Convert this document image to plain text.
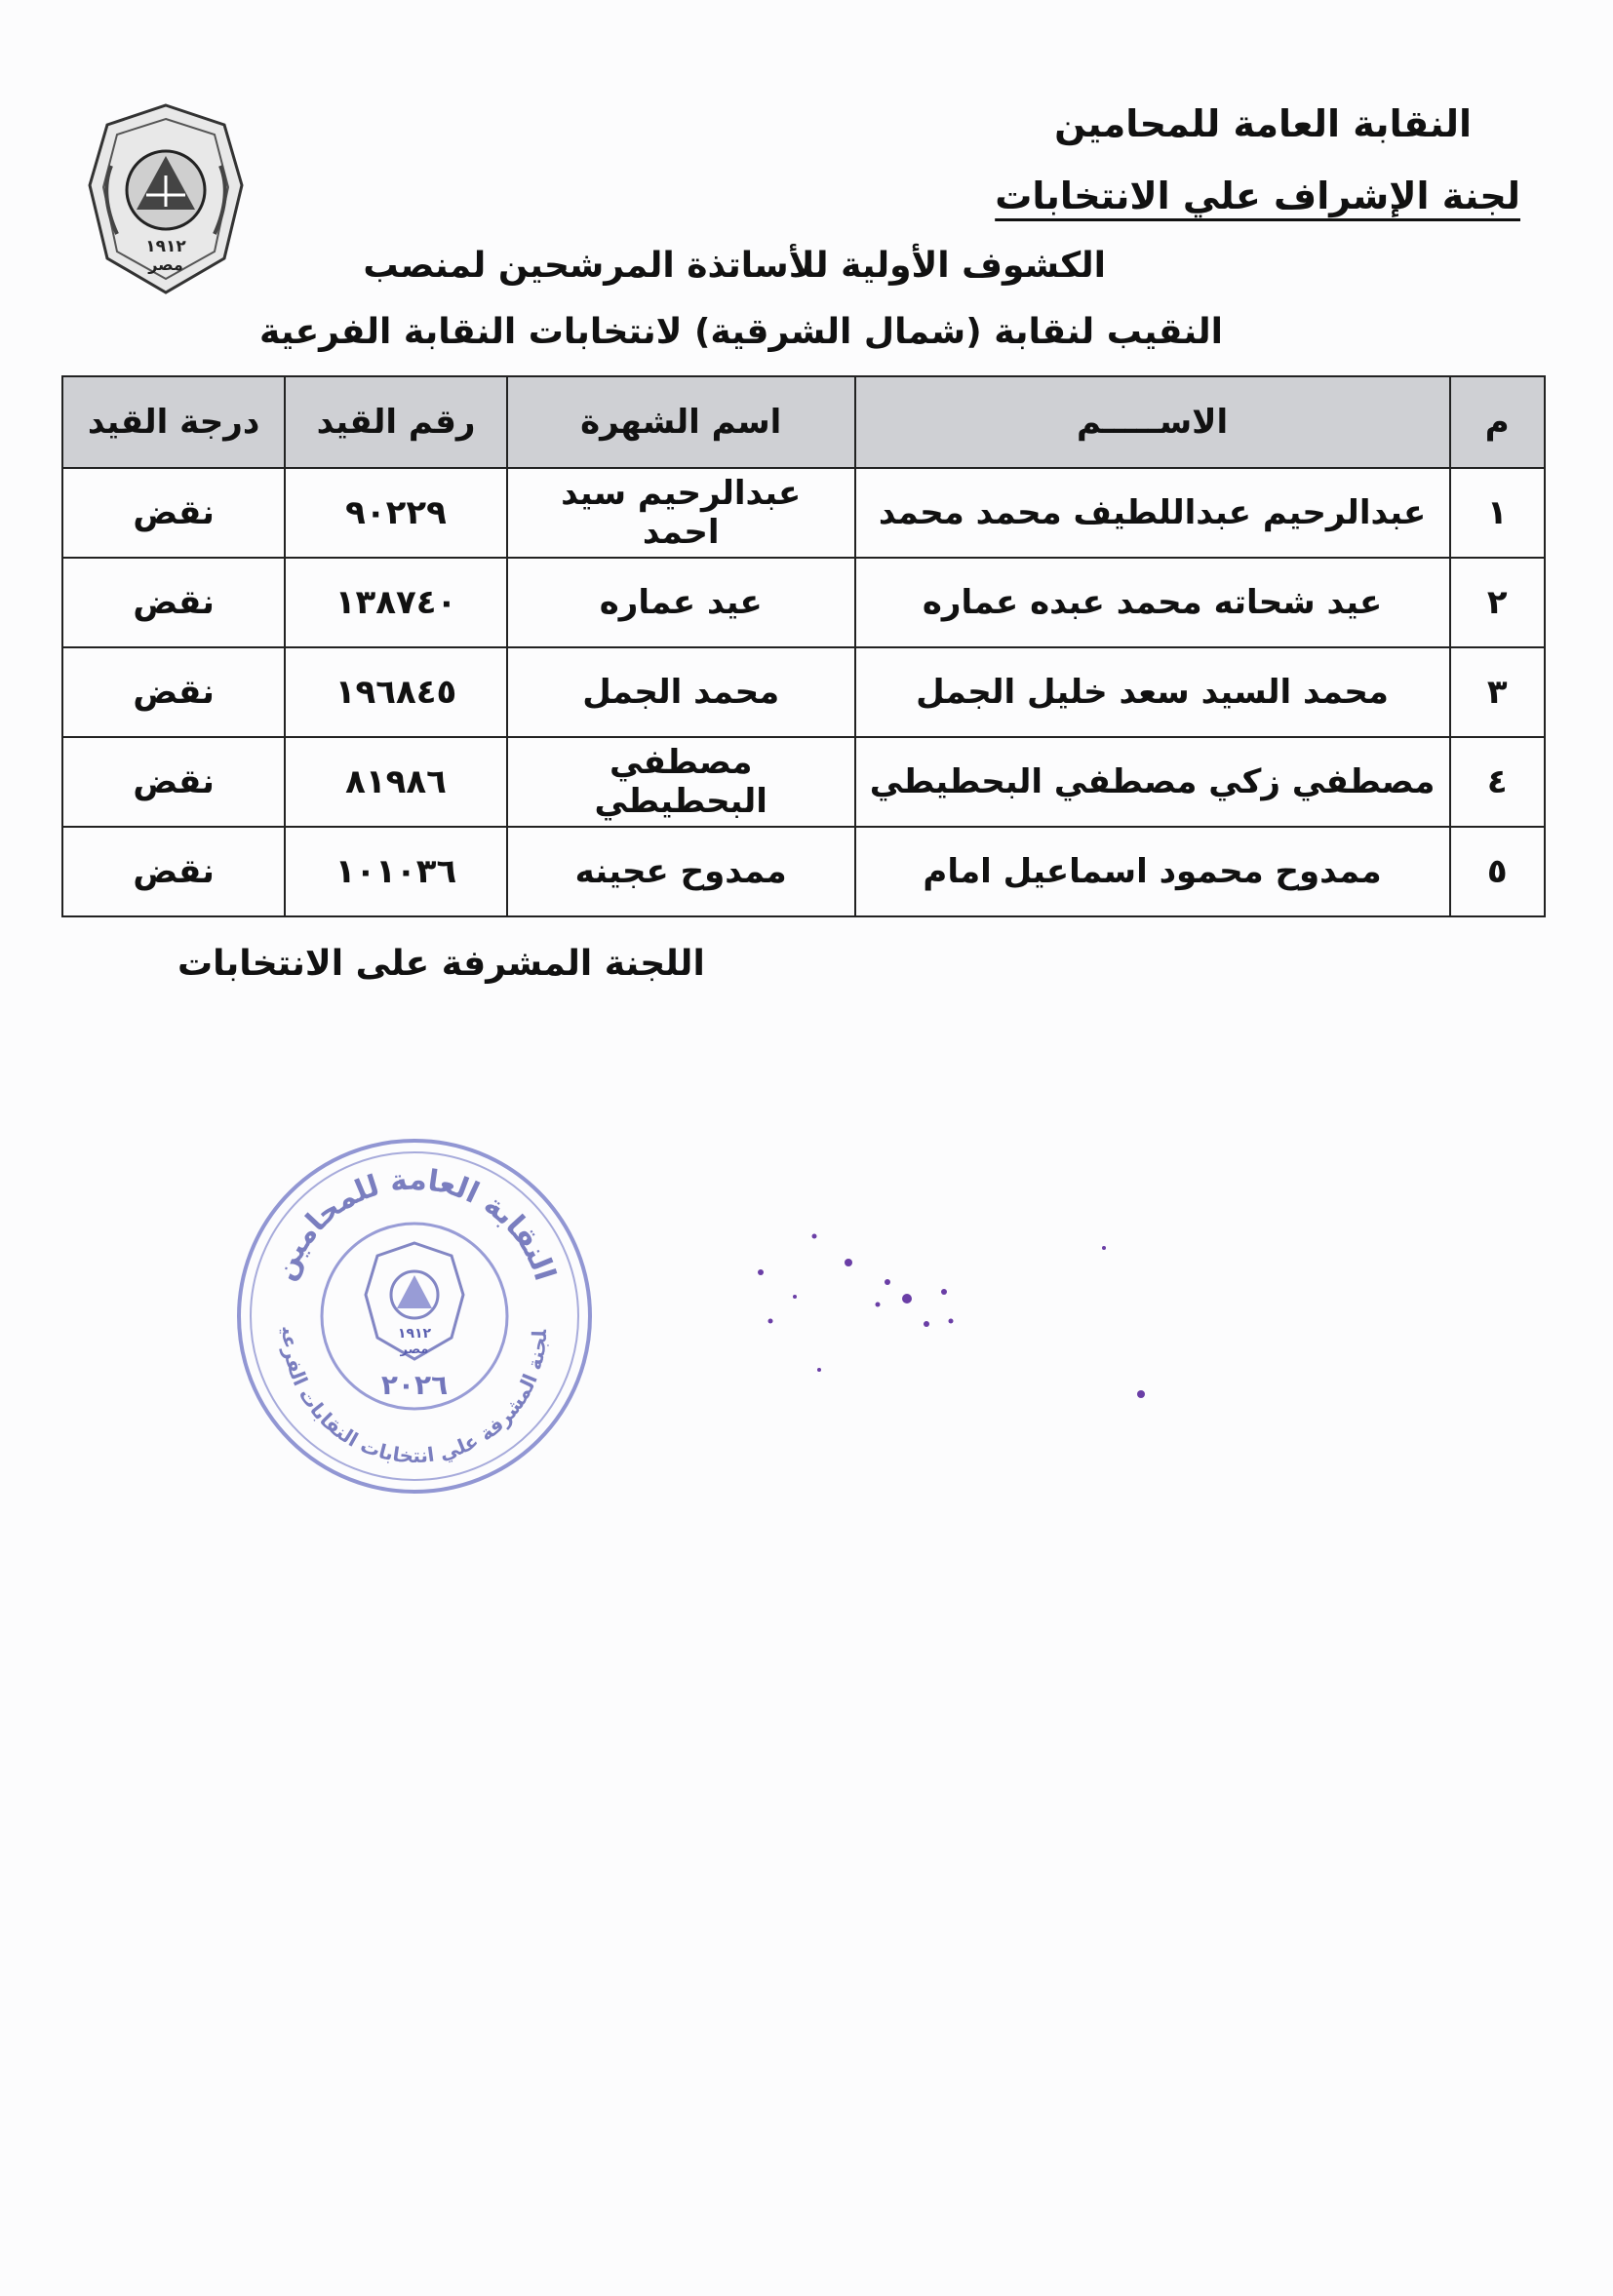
النقابة العامة للمحامين

لجنة الإشراف علي الانتخابات

١٩١٢
مصر	الكشوف الأولية للأساتذة المرشحين لمنصب

النقيب لنقابة (شمال الشرقية) لانتخابات النقابة الفرعية

م	الاســـــم	اسم الشهرة	رقم القيد	درجة القيد
١	عبدالرحيم عبداللطيف محمد محمد	عبدالرحيم سيد احمد	٩٠٢٢٩	نقض
٢	عيد شحاته محمد عبده عماره	عيد عماره	١٣٨٧٤٠	نقض
٣	محمد السيد سعد خليل الجمل	محمد الجمل	١٩٦٨٤٥	نقض
٤	مصطفي زكي مصطفي البحطيطي	مصطفي البحطيطي	٨١٩٨٦	نقض
٥	ممدوح محمود اسماعيل امام	ممدوح عجينه	١٠١٠٣٦	نقض

اللجنة المشرفة على الانتخابات

النقابة العامة للمحامين
لجنة المشرفة علي انتخابات النقابات الفرعي	١٩١٢
مصر
٢٠٢٦
